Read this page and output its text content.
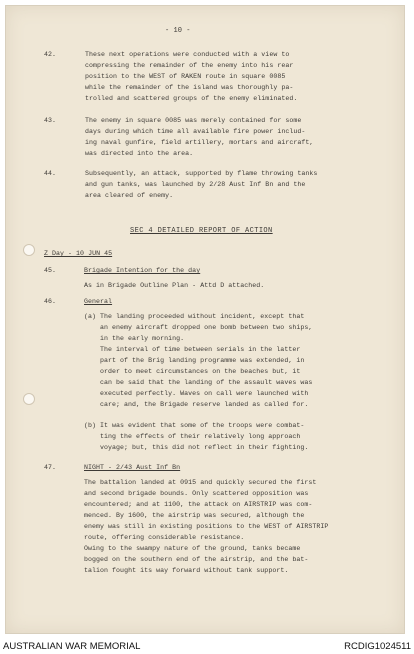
- 10 -
42.	These next operations were conducted with a view to
compressing the remainder of the enemy into his rear
position to the WEST of RAKEN route in square 0085
while the remainder of the island was thoroughly pa-
trolled and scattered groups of the enemy eliminated.
43.	The enemy in square 0085 was merely contained for some
days during which time all available fire power includ-
ing naval gunfire, field artillery, mortars and aircraft,
was directed into the area.
44.	Subsequently, an attack, supported by flame throwing tanks
and gun tanks, was launched by 2/28 Aust Inf Bn and the
area cleared of enemy.
SEC 4 DETAILED REPORT OF ACTION
Z Day - 10 JUN 45
45.	Brigade Intention for the day
As in Brigade Outline Plan - Attd D attached.
46.	General
(a) The landing proceeded without incident, except that
an enemy aircraft dropped one bomb between two ships,
in the early morning.
The interval of time between serials in the latter
part of the Brig landing programme was extended, in
order to meet circumstances on the beaches but, it
can be said that the landing of the assault waves was
executed perfectly. Waves on call were launched with
care; and, the Brigade reserve landed as called for.
(b) It was evident that some of the troops were combat-
ting the effects of their relatively long approach
voyage; but, this did not reflect in their fighting.
47.	NIGHT - 2/43 Aust Inf Bn
The battalion landed at 0915 and quickly secured the first
and second brigade bounds. Only scattered opposition was
encountered; and at 1100, the attack on AIRSTRIP was com-
menced. By 1600, the airstrip was secured, although the
enemy was still in existing positions to the WEST of AIRSTRIP
route, offering considerable resistance.
Owing to the swampy nature of the ground, tanks became
bogged on the southern end of the airstrip, and the bat-
talion fought its way forward without tank support.
AUSTRALIAN WAR MEMORIAL	RCDIG1024511
